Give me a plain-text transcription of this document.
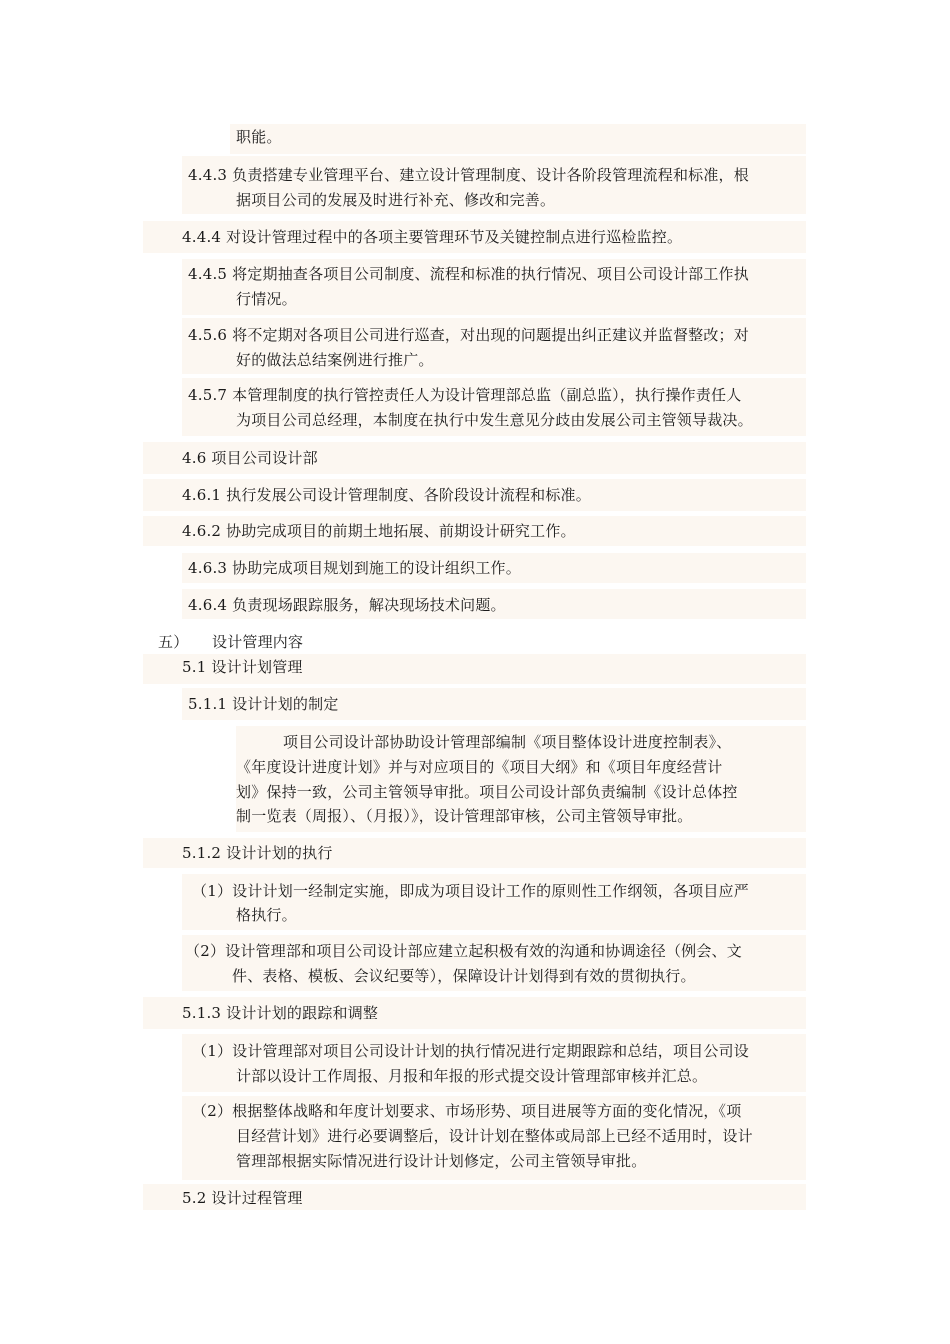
职能。
4.4.3 负责搭建专业管理平台、建立设计管理制度、设计各阶段管理流程和标准，根
据项目公司的发展及时进行补充、修改和完善。
4.4.4 对设计管理过程中的各项主要管理环节及关键控制点进行巡检监控。
4.4.5 将定期抽查各项目公司制度、流程和标准的执行情况、项目公司设计部工作执
行情况。
4.5.6 将不定期对各项目公司进行巡查，对出现的问题提出纠正建议并监督整改；对
好的做法总结案例进行推广。
4.5.7 本管理制度的执行管控责任人为设计管理部总监（副总监），执行操作责任人
为项目公司总经理，本制度在执行中发生意见分歧由发展公司主管领导裁决。
4.6 项目公司设计部
4.6.1 执行发展公司设计管理制度、各阶段设计流程和标准。
4.6.2 协助完成项目的前期土地拓展、前期设计研究工作。
4.6.3 协助完成项目规划到施工的设计组织工作。
4.6.4 负责现场跟踪服务，解决现场技术问题。
五） 设计管理内容
5.1 设计计划管理
5.1.1 设计计划的制定
项目公司设计部协助设计管理部编制《项目整体设计进度控制表》、
《年度设计进度计划》并与对应项目的《项目大纲》和《项目年度经营计
划》保持一致，公司主管领导审批。项目公司设计部负责编制《设计总体控
制一览表（周报）、（月报）》，设计管理部审核，公司主管领导审批。
5.1.2 设计计划的执行
（1）设计计划一经制定实施，即成为项目设计工作的原则性工作纲领，各项目应严
格执行。
（2）设计管理部和项目公司设计部应建立起积极有效的沟通和协调途径（例会、文
件、表格、模板、会议纪要等），保障设计计划得到有效的贯彻执行。
5.1.3 设计计划的跟踪和调整
（1）设计管理部对项目公司设计计划的执行情况进行定期跟踪和总结，项目公司设
计部以设计工作周报、月报和年报的形式提交设计管理部审核并汇总。
（2）根据整体战略和年度计划要求、市场形势、项目进展等方面的变化情况，《项
目经营计划》进行必要调整后，设计计划在整体或局部上已经不适用时，设计
管理部根据实际情况进行设计计划修定，公司主管领导审批。
5.2 设计过程管理
